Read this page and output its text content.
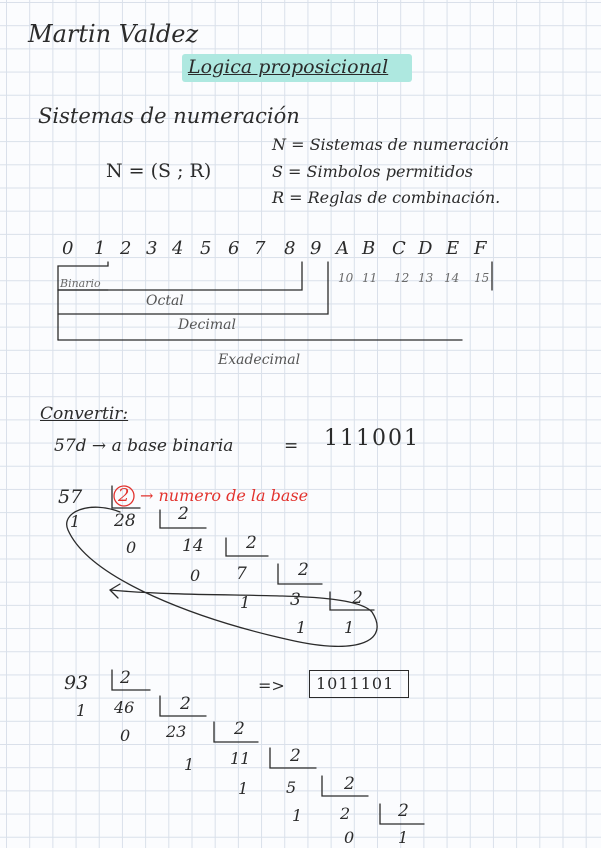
Martin Valdez
Logica proposicional
Sistemas de numeración
N = (S ; R)
N = Sistemas de numeración
S = Simbolos permitidos
R = Reglas de combinación.
0 1 2 3 4 5 6 7 8 9 A B C D E F
10 11 12 13 14 15
Binario
Octal
Decimal
Exadecimal
Convertir:
57d → a base binaria	= 111001
57 2 → numero de la base
1 28 2
0	14 2
0 7	2
1 3	2
1 1
93 2	=> 1011101
1 46	2
0 23	2
1 11 2
1 5	2
1 2	2
0	1
